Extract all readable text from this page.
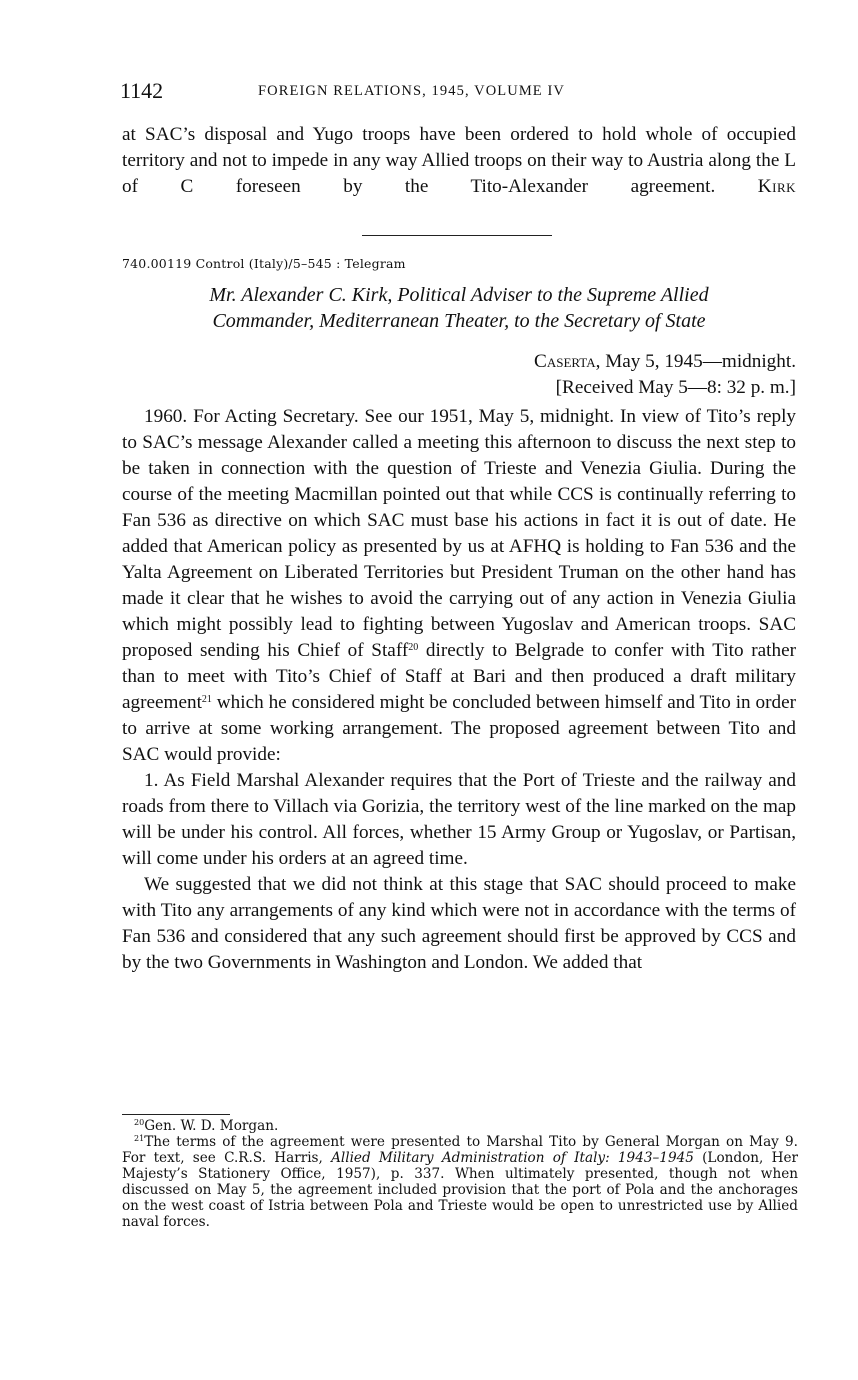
1142	FOREIGN RELATIONS, 1945, VOLUME IV

at SAC’s disposal and Yugo troops have been ordered to hold whole of occupied territory and not to impede in any way Allied troops on their way to Austria along the L of C foreseen by the Tito-Alexander agreement. Kirk

740.00119 Control (Italy)/5–545 : Telegram
Mr. Alexander C. Kirk, Political Adviser to the Supreme Allied
Commander, Mediterranean Theater, to the Secretary of State
Caserta, May 5, 1945—midnight.
[Received May 5—8: 32 p. m.]

1960. For Acting Secretary. See our 1951, May 5, midnight. In view of Tito’s reply to SAC’s message Alexander called a meeting this afternoon to discuss the next step to be taken in connection with the question of Trieste and Venezia Giulia. During the course of the meeting Macmillan pointed out that while CCS is continually referring to Fan 536 as directive on which SAC must base his actions in fact it is out of date. He added that American policy as presented by us at AFHQ is holding to Fan 536 and the Yalta Agreement on Liberated Territories but President Truman on the other hand has made it clear that he wishes to avoid the carrying out of any action in Venezia Giulia which might possibly lead to fighting between Yugoslav and American troops. SAC proposed sending his Chief of Staff$^{20}$ directly to Belgrade to confer with Tito rather than to meet with Tito’s Chief of Staff at Bari and then produced a draft military agreement$^{21}$ which he considered might be concluded between himself and Tito in order to arrive at some working arrangement. The proposed agreement between Tito and SAC would provide:

1. As Field Marshal Alexander requires that the Port of Trieste and the railway and roads from there to Villach via Gorizia, the territory west of the line marked on the map will be under his control. All forces, whether 15 Army Group or Yugoslav, or Partisan, will come under his orders at an agreed time.

We suggested that we did not think at this stage that SAC should proceed to make with Tito any arrangements of any kind which were not in accordance with the terms of Fan 536 and considered that any such agreement should first be approved by CCS and by the two Governments in Washington and London. We added that

$^{20}$Gen. W. D. Morgan.

$^{21}$The terms of the agreement were presented to Marshal Tito by General Morgan on May 9. For text, see C.R.S. Harris, Allied Military Administration of Italy: 1943–1945 (London, Her Majesty’s Stationery Office, 1957), p. 337. When ultimately presented, though not when discussed on May 5, the agreement included provision that the port of Pola and the anchorages on the west coast of Istria between Pola and Trieste would be open to unrestricted use by Allied naval forces.
